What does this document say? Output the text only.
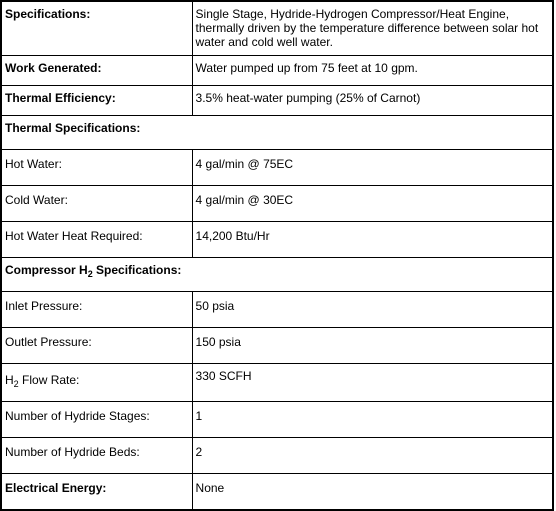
Specifications:	Single Stage, Hydride-Hydrogen Compressor/Heat Engine, thermally driven by the temperature difference between solar hot water and cold well water.
Work Generated:	Water pumped up from 75 feet at 10 gpm.
Thermal Efficiency:	3.5% heat-water pumping (25% of Carnot)
Thermal Specifications:	
Hot Water:	4 gal/min @ 75EC
Cold Water:	4 gal/min @ 30EC
Hot Water Heat Required:	14,200 Btu/Hr
Compressor $H_2$ Specifications:	
Inlet Pressure:	50 psia
Outlet Pressure:	150 psia
$H_2$ Flow Rate:	330 SCFH
Number of Hydride Stages:	1
Number of Hydride Beds:	2
Electrical Energy:	None
